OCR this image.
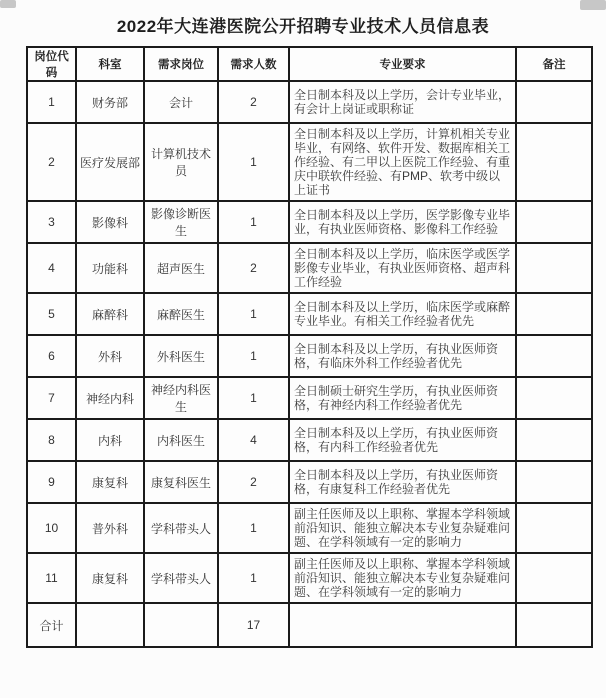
2022年大连港医院公开招聘专业技术人员信息表
岗位代码	科室	需求岗位	需求人数	专业要求	备注
1	财务部	会计	2	全日制本科及以上学历，会计专业毕业，有会计上岗证或职称证	

2	医疗发展部	计算机技术员	1	全日制本科及以上学历，计算机相关专业毕业，有网络、软件开发、数据库相关工作经验、有二甲以上医院工作经验、有重庆中联软件经验、有PMP、软考中级以上证书	

3	影像科	影像诊断医生	1	全日制本科及以上学历，医学影像专业毕业，有执业医师资格、影像科工作经验	

4	功能科	超声医生	2	全日制本科及以上学历，临床医学或医学影像专业毕业，有执业医师资格、超声科工作经验	

5	麻醉科	麻醉医生	1	全日制本科及以上学历，临床医学或麻醉专业毕业。有相关工作经验者优先	

6	外科	外科医生	1	全日制本科及以上学历，有执业医师资格，有临床外科工作经验者优先	

7	神经内科	神经内科医生	1	全日制硕士研究生学历，有执业医师资格，有神经内科工作经验者优先	

8	内科	内科医生	4	全日制本科及以上学历，有执业医师资格，有内科工作经验者优先	

9	康复科	康复科医生	2	全日制本科及以上学历，有执业医师资格，有康复科工作经验者优先	

10	普外科	学科带头人	1	副主任医师及以上职称、掌握本学科领域前沿知识、能独立解决本专业复杂疑难问题、在学科领域有一定的影响力	

11	康复科	学科带头人	1	副主任医师及以上职称、掌握本学科领域前沿知识、能独立解决本专业复杂疑难问题、在学科领域有一定的影响力	

合计			17		
